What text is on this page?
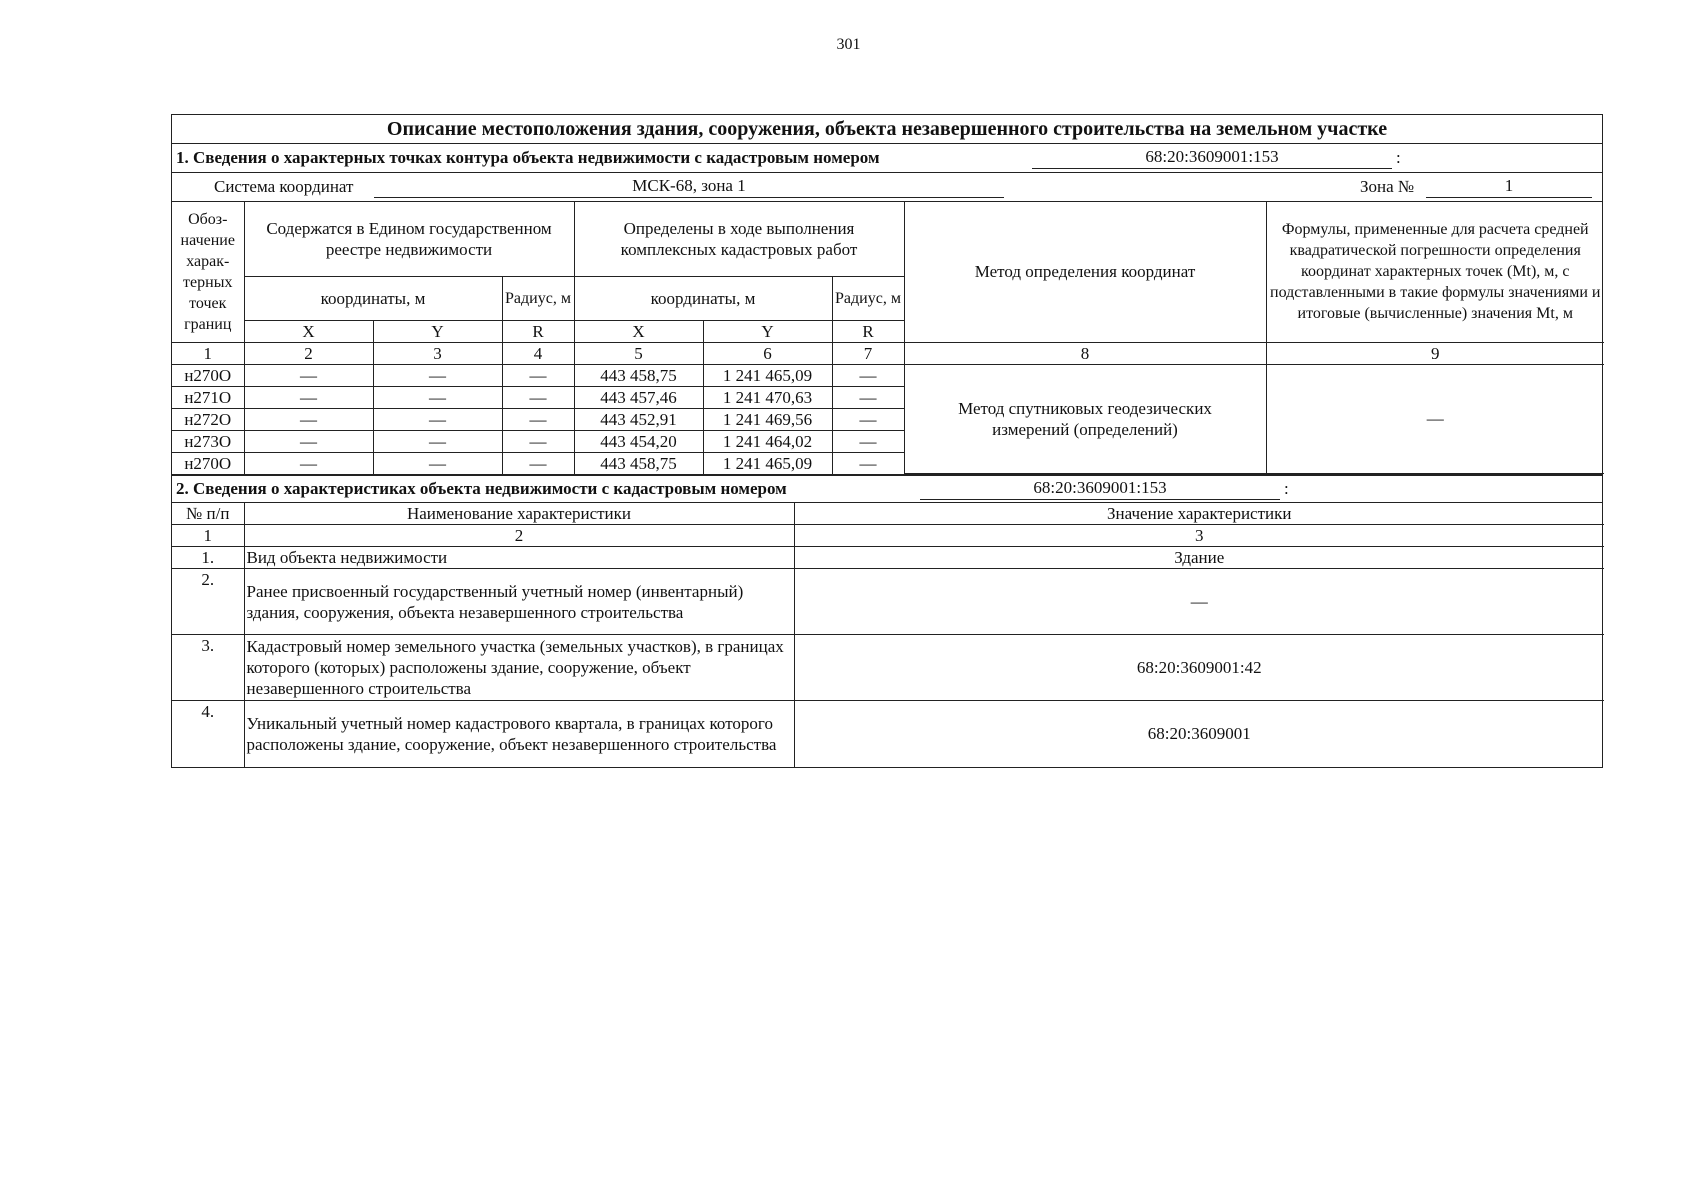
301
Описание местоположения здания, сооружения, объекта незавершенного строительства на земельном участке
1. Сведения о характерных точках контура объекта недвижимости с кадастровым номером	68:20:3609001:153	:
Система координат	МСК-68, зона 1	Зона №	1
Обоз-начение харак-терных точек границ	Содержатся в Едином государственном реестре недвижимости			Определены в ходе выполнения комплексных кадастровых работ			Метод определения координат	Формулы, примененные для расчета средней квадратической погрешности определения координат характерных точек (Mt), м, с подставленными в такие формулы значениями и итоговые (вычисленные) значения Mt, м
	координаты, м		Радиус, м	координаты, м		Радиус, м		
	X	Y	R	X	Y	R		
1	2	3	4	5	6	7	8	9
н270О	—	—	—	443 458,75	1 241 465,09	—	Метод спутниковых геодезических измерений (определений)	—
н271О	—	—	—	443 457,46	1 241 470,63	—		
н272О	—	—	—	443 452,91	1 241 469,56	—		
н273О	—	—	—	443 454,20	1 241 464,02	—		
н270О	—	—	—	443 458,75	1 241 465,09	—		
2. Сведения о характеристиках объекта недвижимости с кадастровым номером	68:20:3609001:153	:
№ п/п	Наименование характеристики	Значение характеристики
1	2	3
1.	Вид объекта недвижимости	Здание
2.	Ранее присвоенный государственный учетный номер (инвентарный) здания, сооружения, объекта незавершенного строительства	—
3.	Кадастровый номер земельного участка (земельных участков), в границах которого (которых) расположены здание, сооружение, объект незавершенного строительства	68:20:3609001:42
4.	Уникальный учетный номер кадастрового квартала, в границах которого расположены здание, сооружение, объект незавершенного строительства	68:20:3609001
